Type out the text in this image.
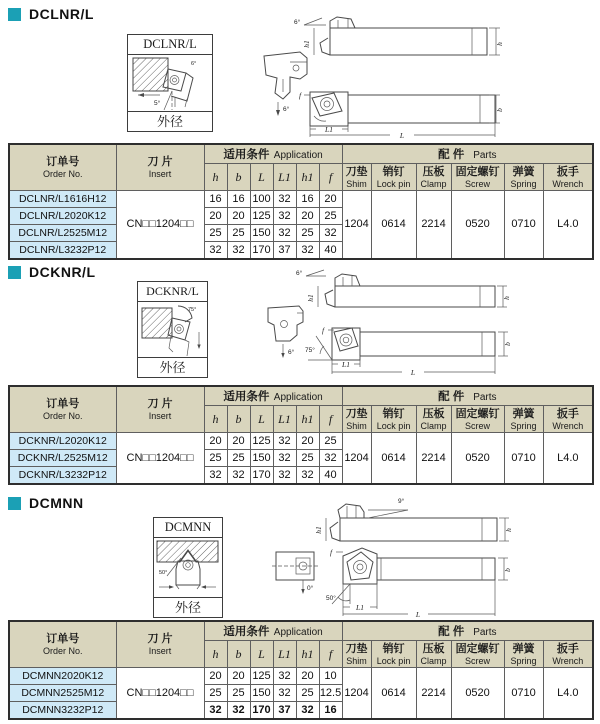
DCLNR/L
DCLNR/L
5°
6°
外径
6°
6°
h1	h
f
b
L1
L
订单号
Order No.

刀 片
Insert
	适用条件 Application	配 件 Parts
h	b	L	L1	h1	f	刀垫
Shim

销钉
Lock pin

压板
Clamp

固定螺钉
Screw

弹簧
Spring

扳手
Wrench

DCLNR/L1616H12	CN□□1204□□	16	16	100	32	16	20	1204	0614	2214	0520	0710	L4.0
DCLNR/L2020K12		20	20	125	32	20	25						
DCLNR/L2525M12		25	25	150	32	25	32						
DCLNR/L3232P12		32	32	170	37	32	40						
DCKNR/L
DCKNR/L
75°
外径
6°
h1	h
6°
f
75°
b
L1
L
订单号
Order No.

刀 片
Insert
	适用条件 Application	配 件 Parts
h	b	L	L1	h1	f	刀垫
Shim

销钉
Lock pin

压板
Clamp

固定螺钉
Screw

弹簧
Spring

扳手
Wrench

DCKNR/L2020K12	CN□□1204□□	20	20	125	32	20	25	1204	0614	2214	0520	0710	L4.0
DCKNR/L2525M12		25	25	150	32	25	32						
DCKNR/L3232P12		32	32	170	32	32	40						
DCMNN
DCMNN
50°
外径
9°
h1	h
0°
f
50°
b
L1
L
订单号
Order No.

刀 片
Insert
	适用条件 Application	配 件 Parts
h	b	L	L1	h1	f	刀垫
Shim

销钉
Lock pin

压板
Clamp

固定螺钉
Screw

弹簧
Spring

扳手
Wrench

DCMNN2020K12	CN□□1204□□	20	20	125	32	20	10	1204	0614	2214	0520	0710	L4.0
DCMNN2525M12		25	25	150	32	25	12.5						
DCMNN3232P12		32	32	170	37	32	16						
